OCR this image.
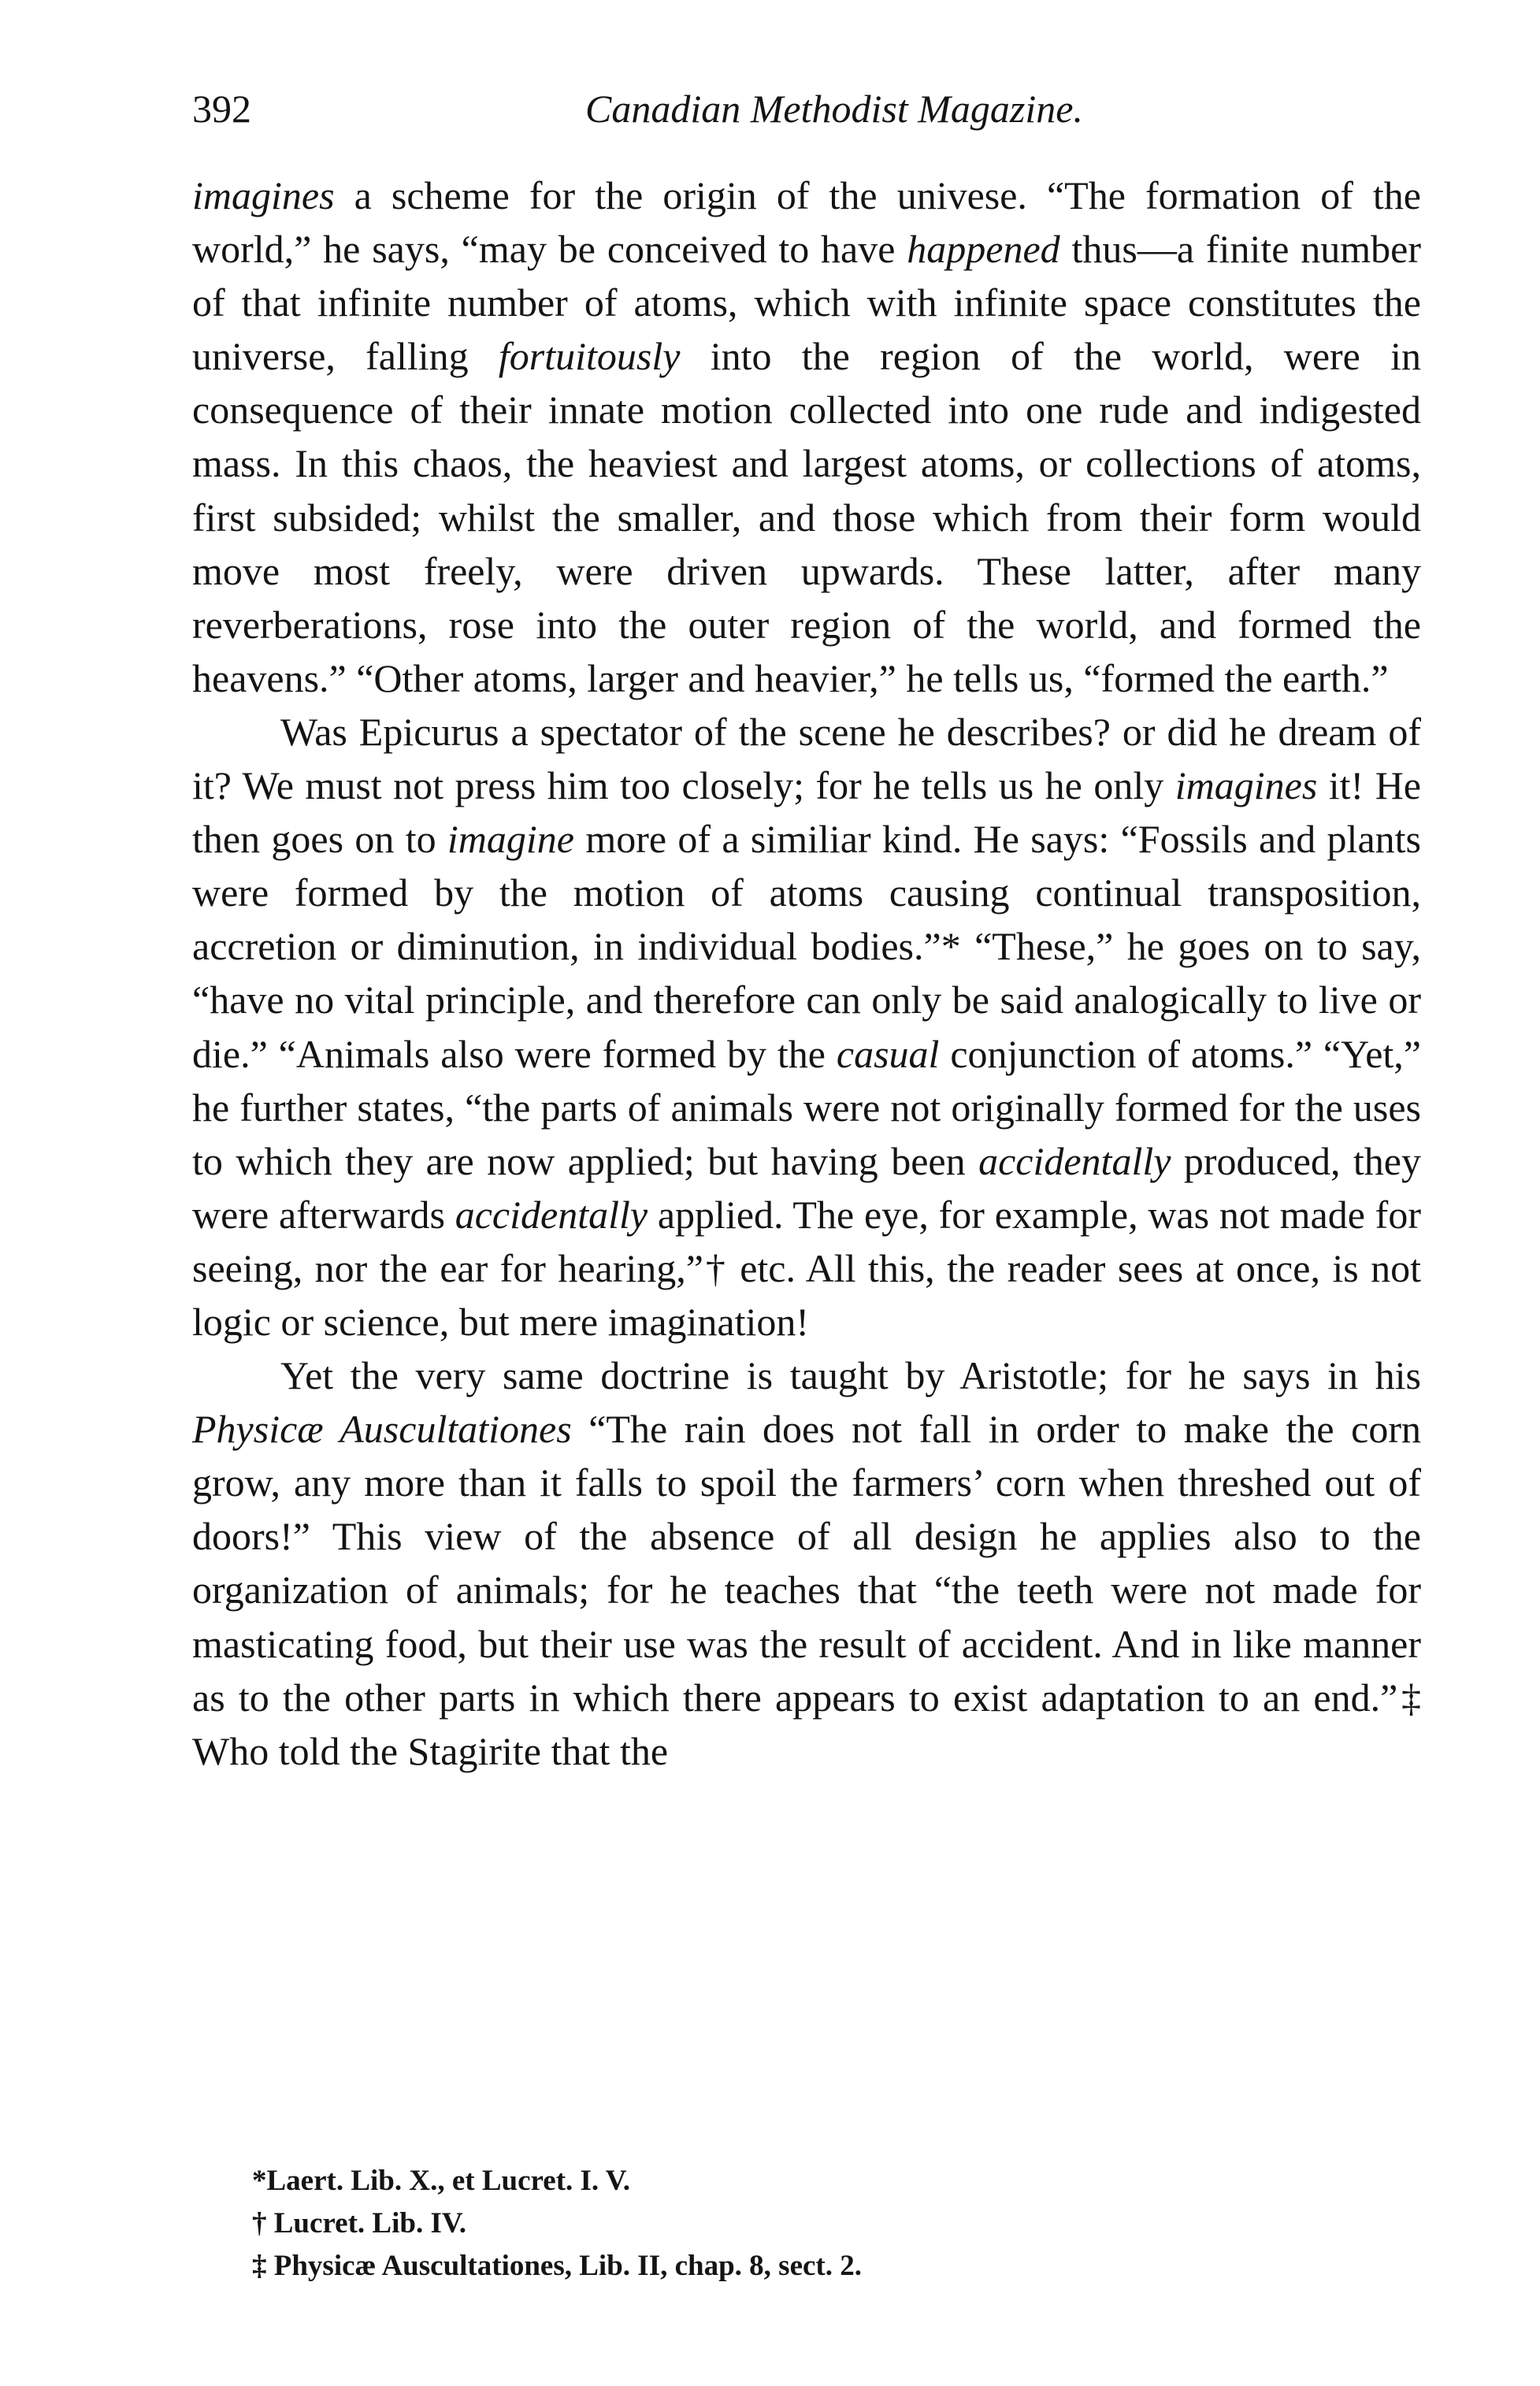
392	Canadian Methodist Magazine.

imagines a scheme for the origin of the univese. “The formation of the world,” he says, “may be conceived to have happened thus—a finite number of that infinite number of atoms, which with infinite space constitutes the universe, falling fortuitously into the region of the world, were in consequence of their innate motion collected into one rude and indigested mass. In this chaos, the heaviest and largest atoms, or collections of atoms, first subsided; whilst the smaller, and those which from their form would move most freely, were driven upwards. These latter, after many reverberations, rose into the outer region of the world, and formed the heavens.” “Other atoms, larger and heavier,” he tells us, “formed the earth.”

Was Epicurus a spectator of the scene he describes? or did he dream of it? We must not press him too closely; for he tells us he only imagines it! He then goes on to imagine more of a similiar kind. He says: “Fossils and plants were formed by the motion of atoms causing continual transposition, accretion or diminution, in individual bodies.”* “These,” he goes on to say, “have no vital principle, and therefore can only be said analogically to live or die.” “Animals also were formed by the casual conjunction of atoms.” “Yet,” he further states, “the parts of animals were not originally formed for the uses to which they are now applied; but having been accidentally produced, they were afterwards accidentally applied. The eye, for example, was not made for seeing, nor the ear for hearing,”† etc. All this, the reader sees at once, is not logic or science, but mere imagination!

Yet the very same doctrine is taught by Aristotle; for he says in his Physicæ Auscultationes “The rain does not fall in order to make the corn grow, any more than it falls to spoil the farmers’ corn when threshed out of doors!” This view of the absence of all design he applies also to the organization of animals; for he teaches that “the teeth were not made for masticating food, but their use was the result of accident. And in like manner as to the other parts in which there appears to exist adaptation to an end.”‡ Who told the Stagirite that the

*Laert. Lib. X., et Lucret. I. V.

† Lucret. Lib. IV.

‡ Physicæ Auscultationes, Lib. II, chap. 8, sect. 2.
